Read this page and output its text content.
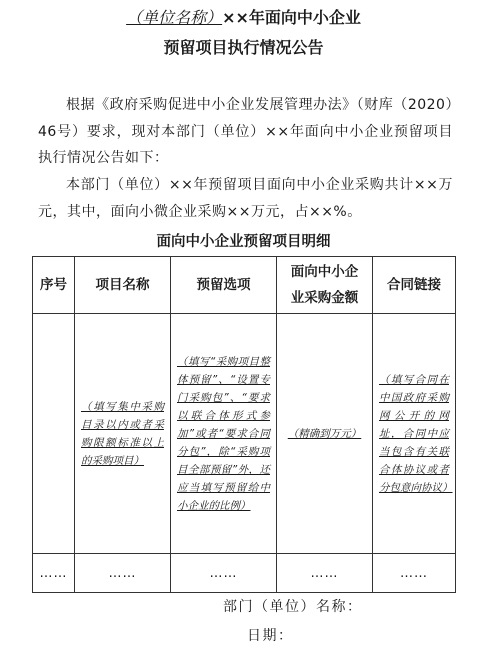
（单位名称）××年面向中小企业
预留项目执行情况公告
根据《政府采购促进中小企业发展管理办法》（财库（2020）46号）要求，现对本部门（单位）××年面向中小企业预留项目执行情况公告如下：
本部门（单位）××年预留项目面向中小企业采购共计××万元，其中，面向小微企业采购××万元，占××%。
面向中小企业预留项目明细
序号	项目名称	预留选项	面向中小企业采购金额	合同链接

	（填写集中采购目录以内或者采购限额标准以上的采购项目）	（填写“采购项目整体预留”、“设置专门采购包”、“要求以联合体形式参加”或者“要求合同分包”，除“采购项目全部预留”外，还应当填写预留给中小企业的比例）	（精确到万元）	（填写合同在中国政府采购网公开的网址，合同中应当包含有关联合体协议或者分包意向协议）

……	……	……	……	……
部门（单位）名称：
日期：
